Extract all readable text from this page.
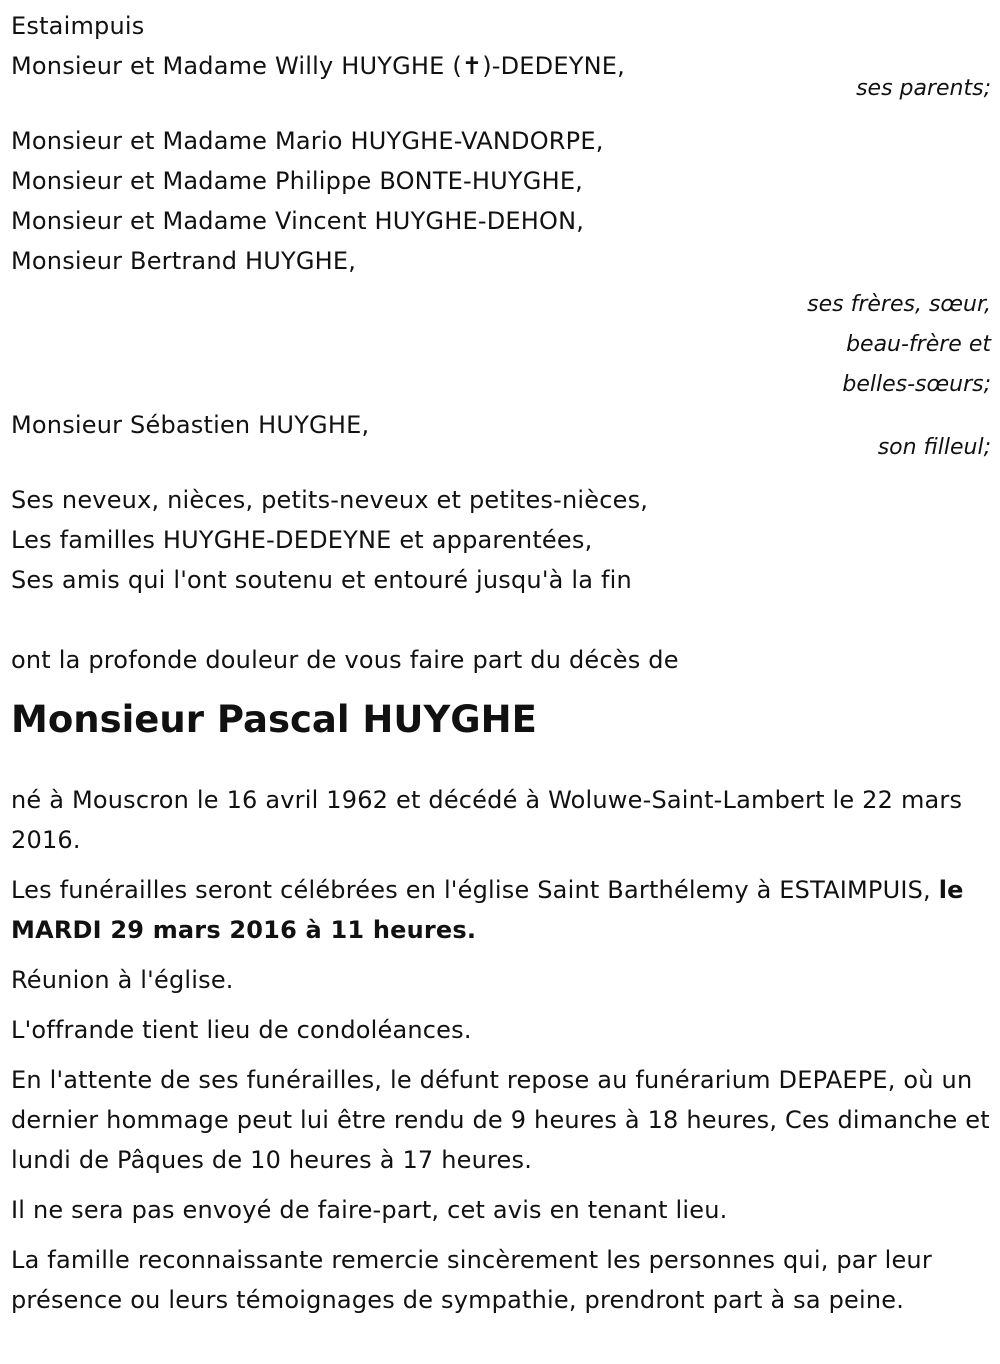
Estaimpuis
Monsieur et Madame Willy HUYGHE (✝)-DEDEYNE,
ses parents;
Monsieur et Madame Mario HUYGHE-VANDORPE,
Monsieur et Madame Philippe BONTE-HUYGHE,
Monsieur et Madame Vincent HUYGHE-DEHON,
Monsieur Bertrand HUYGHE,
ses frères, sœur,
beau-frère et
belles-sœurs;
Monsieur Sébastien HUYGHE,
son filleul;
Ses neveux, nièces, petits-neveux et petites-nièces,
Les familles HUYGHE-DEDEYNE et apparentées,
Ses amis qui l'ont soutenu et entouré jusqu'à la fin
ont la profonde douleur de vous faire part du décès de
Monsieur Pascal HUYGHE
né à Mouscron le 16 avril 1962 et décédé à Woluwe-Saint-Lambert le 22 mars 2016.
Les funérailles seront célébrées en l'église Saint Barthélemy à ESTAIMPUIS, le MARDI 29 mars 2016 à 11 heures.
Réunion à l'église.
L'offrande tient lieu de condoléances.
En l'attente de ses funérailles, le défunt repose au funérarium DEPAEPE, où un dernier hommage peut lui être rendu de 9 heures à 18 heures, Ces dimanche et lundi de Pâques de 10 heures à 17 heures.
Il ne sera pas envoyé de faire-part, cet avis en tenant lieu.
La famille reconnaissante remercie sincèrement les personnes qui, par leur présence ou leurs témoignages de sympathie, prendront part à sa peine.
